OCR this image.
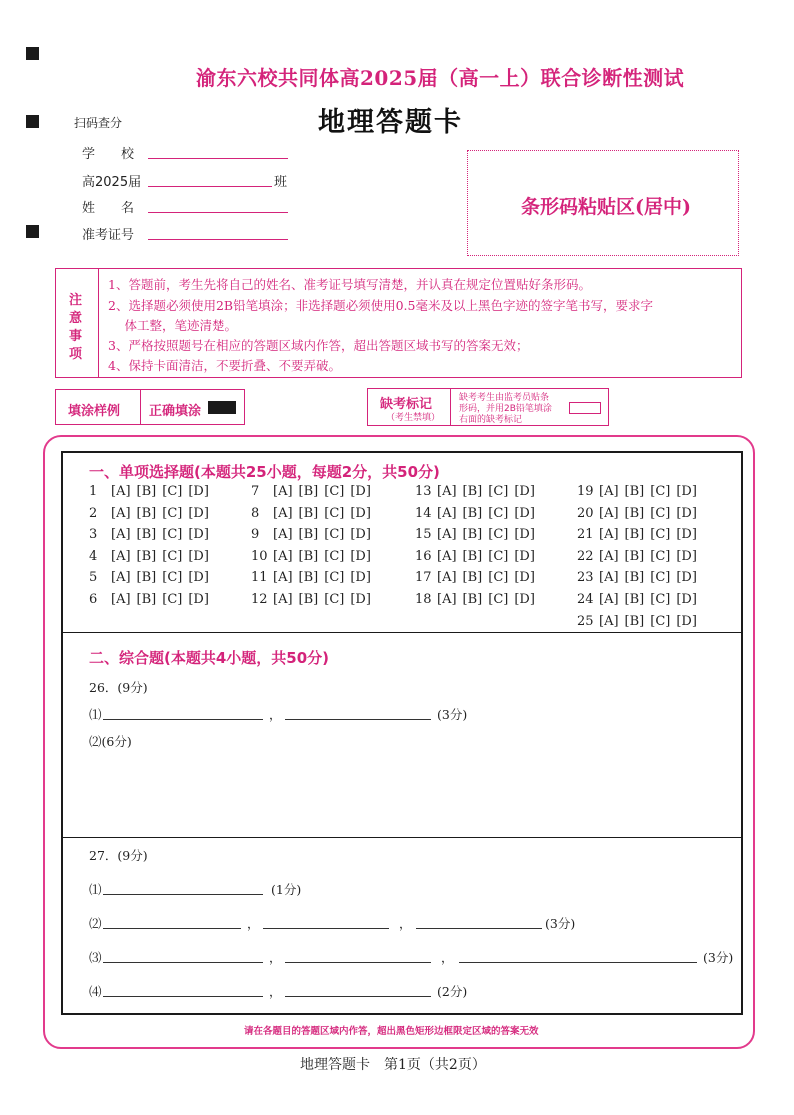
渝东六校共同体高2025届（高一上）联合诊断性测试
地理答题卡
扫码查分
学　　校
高2025届	班
姓　　名
准考证号
条形码粘贴区(居中)
注
意
事
项
1、答题前，考生先将自己的姓名、准考证号填写清楚，并认真在规定位置贴好条形码。
2、选择题必须使用2B铅笔填涂；非选择题必须使用0.5毫米及以上黑色字迹的签字笔书写，要求字
　 体工整，笔迹清楚。
3、严格按照题号在相应的答题区域内作答，超出答题区域书写的答案无效；
4、保持卡面清洁，不要折叠、不要弄破。
填涂样例 正确填涂	缺考标记
（考生禁填）
缺考考生由监考员贴条
形码，并用2B铅笔填涂
右面的缺考标记
一、单项选择题(本题共25小题，每题2分，共50分)
1 [A] [B] [C] [D]
2 [A] [B] [C] [D]
3 [A] [B] [C] [D]
4 [A] [B] [C] [D]
5 [A] [B] [C] [D]
6 [A] [B] [C] [D]
7 [A] [B] [C] [D]
8 [A] [B] [C] [D]
9 [A] [B] [C] [D]
10 [A] [B] [C] [D]
11 [A] [B] [C] [D]
12 [A] [B] [C] [D]
13 [A] [B] [C] [D]
14 [A] [B] [C] [D]
15 [A] [B] [C] [D]
16 [A] [B] [C] [D]
17 [A] [B] [C] [D]
18 [A] [B] [C] [D]
19 [A] [B] [C] [D]
20 [A] [B] [C] [D]
21 [A] [B] [C] [D]
22 [A] [B] [C] [D]
23 [A] [B] [C] [D]
24 [A] [B] [C] [D]
25 [A] [B] [C] [D]
二、综合题(本题共4小题，共50分)
26．(9分)
⑴	，	(3分)
⑵(6分)
27．(9分)
⑴	(1分)
⑵	，	，	(3分)
⑶	，	，	(3分)
⑷	，	(2分)
请在各题目的答题区域内作答，超出黑色矩形边框限定区域的答案无效
地理答题卡　第1页（共2页）
